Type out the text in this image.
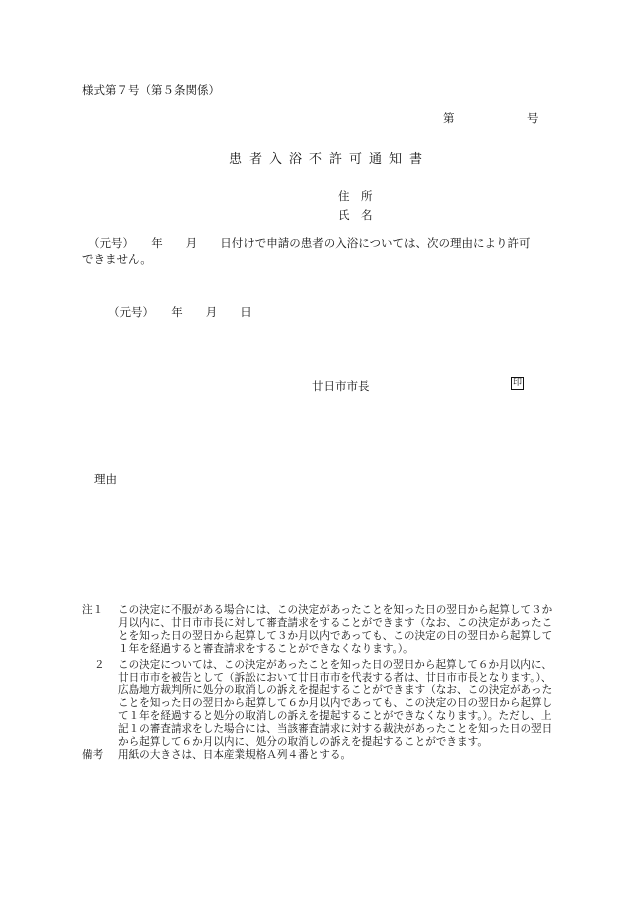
様式第７号（第５条関係）
第	号
患者入浴不許可通知書
住　所
氏　名
（元号）　　年　　月　　日付けで申請の患者の入浴については、次の理由により許可
できません。
（元号）　　年　　月　　日
廿日市市長	印
理由
注１	この決定に不服がある場合には、この決定があったことを知った日の翌日から起算して３か月以内に、廿日市市長に対して審査請求をすることができます（なお、この決定があったことを知った日の翌日から起算して３か月以内であっても、この決定の日の翌日から起算して１年を経過すると審査請求をすることができなくなります。）。
２	この決定については、この決定があったことを知った日の翌日から起算して６か月以内に、廿日市市を被告として（訴訟において廿日市市を代表する者は、廿日市市長となります。）、広島地方裁判所に処分の取消しの訴えを提起することができます（なお、この決定があったことを知った日の翌日から起算して６か月以内であっても、この決定の日の翌日から起算して１年を経過すると処分の取消しの訴えを提起することができなくなります。）。ただし、上記１の審査請求をした場合には、当該審査請求に対する裁決があったことを知った日の翌日から起算して６か月以内に、処分の取消しの訴えを提起することができます。
備考	用紙の大きさは、日本産業規格Ａ列４番とする。
